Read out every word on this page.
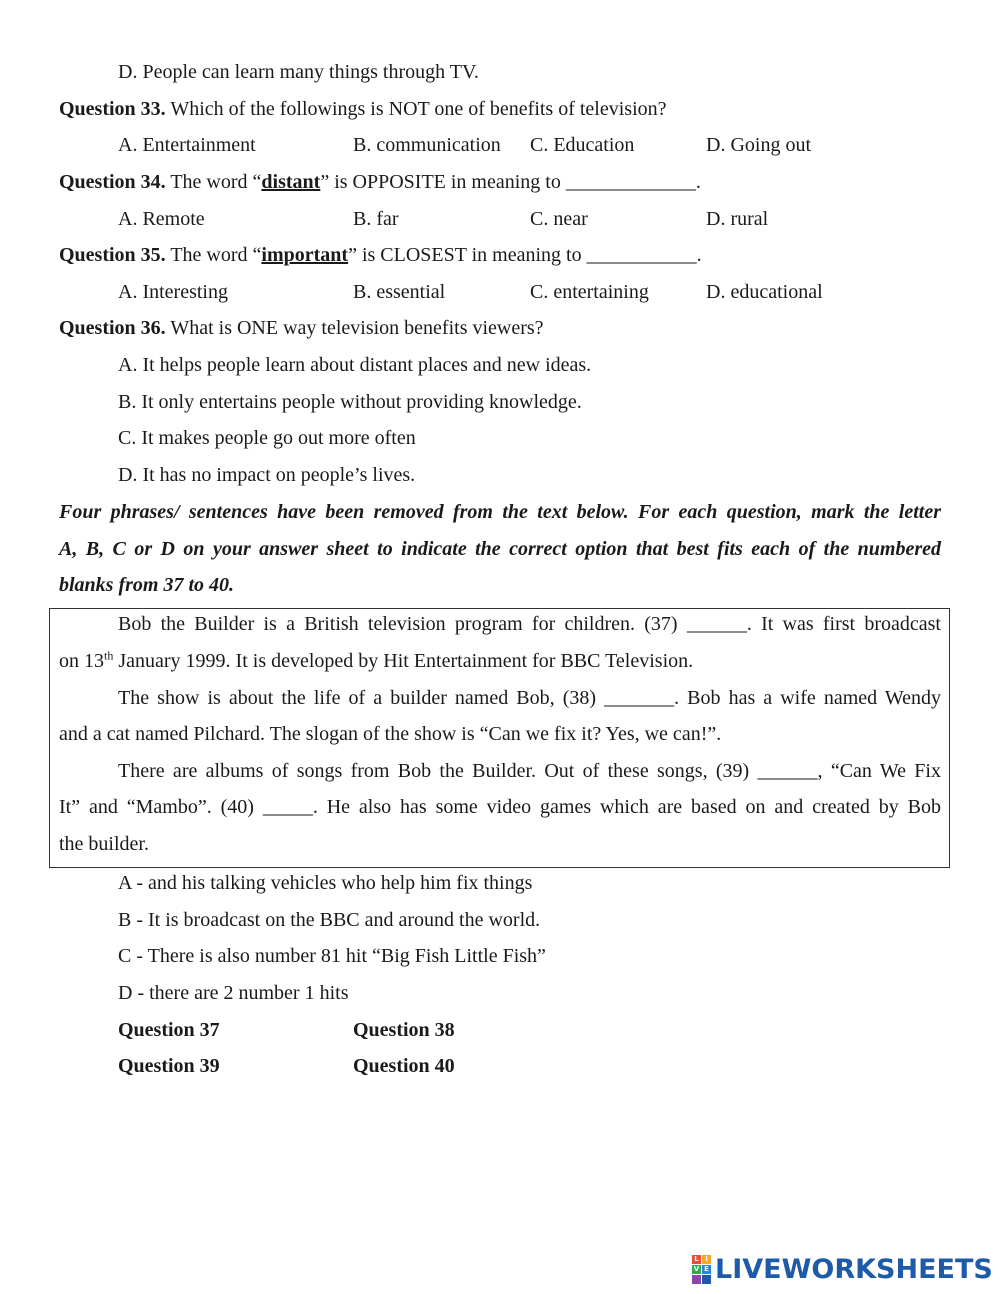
D. People can learn many things through TV.
Question 33. Which of the followings is NOT one of benefits of television?
A. Entertainment	B. communication C. Education	D. Going out
Question 34. The word “distant” is OPPOSITE in meaning to _____________.
A. Remote	B. far	C. near	D. rural
Question 35. The word “important” is CLOSEST in meaning to ___________.
A. Interesting	B. essential	C. entertaining	D. educational
Question 36. What is ONE way television benefits viewers?
A. It helps people learn about distant places and new ideas.
B. It only entertains people without providing knowledge.
C. It makes people go out more often
D. It has no impact on people’s lives.
Four phrases/ sentences have been removed from the text below. For each question, mark the letter
A, B, C or D on your answer sheet to indicate the correct option that best fits each of the numbered
blanks from 37 to 40.
Bob the Builder is a British television program for children. (37) ______. It was first broadcast
on 13th January 1999. It is developed by Hit Entertainment for BBC Television.
The show is about the life of a builder named Bob, (38) _______. Bob has a wife named Wendy
and a cat named Pilchard. The slogan of the show is “Can we fix it? Yes, we can!”.
There are albums of songs from Bob the Builder. Out of these songs, (39) ______, “Can We Fix
It” and “Mambo”. (40) _____. He also has some video games which are based on and created by Bob
the builder.
A - and his talking vehicles who help him fix things
B - It is broadcast on the BBC and around the world.
C - There is also number 81 hit “Big Fish Little Fish”
D - there are 2 number 1 hits
Question 37	Question 38
Question 39	Question 40
L I
V E LIVEWORKSHEETS
